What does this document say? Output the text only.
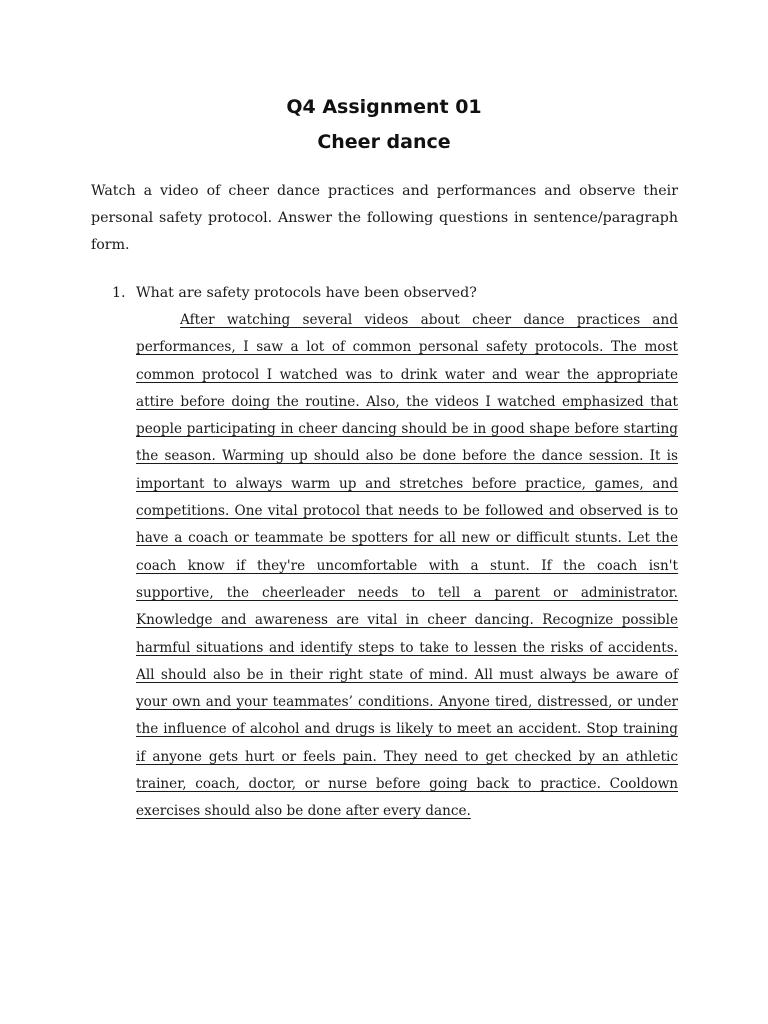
Q4 Assignment 01
Cheer dance

Watch a video of cheer dance practices and performances and observe their personal safety protocol. Answer the following questions in sentence/paragraph form.

1. What are safety protocols have been observed?

After watching several videos about cheer dance practices and performances, I saw a lot of common personal safety protocols. The most common protocol I watched was to drink water and wear the appropriate attire before doing the routine. Also, the videos I watched emphasized that people participating in cheer dancing should be in good shape before starting the season. Warming up should also be done before the dance session. It is important to always warm up and stretches before practice, games, and competitions. One vital protocol that needs to be followed and observed is to have a coach or teammate be spotters for all new or difficult stunts. Let the coach know if they're uncomfortable with a stunt. If the coach isn't supportive, the cheerleader needs to tell a parent or administrator. Knowledge and awareness are vital in cheer dancing. Recognize possible harmful situations and identify steps to take to lessen the risks of accidents. All should also be in their right state of mind. All must always be aware of your own and your teammates’ conditions. Anyone tired, distressed, or under the influence of alcohol and drugs is likely to meet an accident. Stop training if anyone gets hurt or feels pain. They need to get checked by an athletic trainer, coach, doctor, or nurse before going back to practice. Cooldown exercises should also be done after every dance.
